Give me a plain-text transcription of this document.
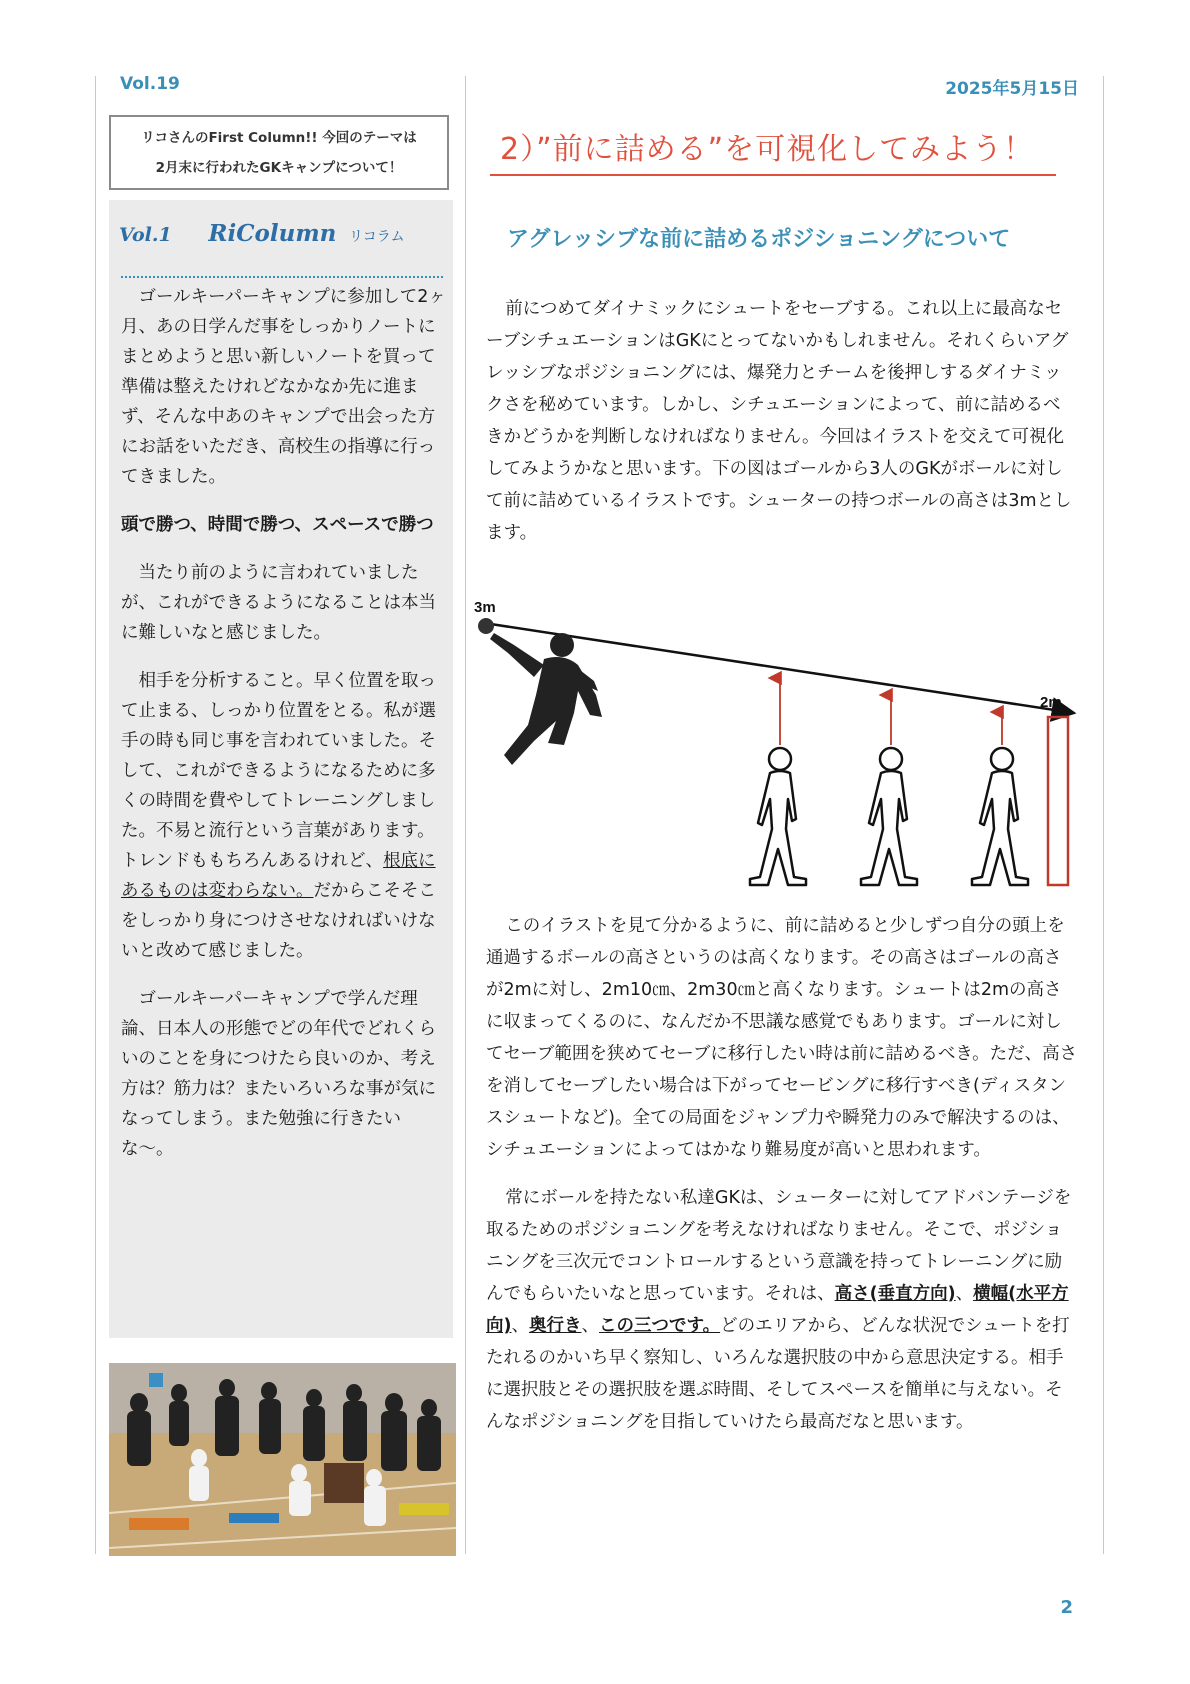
Vol.19	2025年5月15日
リコさんのFirst Column!! 今回のテーマは
2月末に行われたGKキャンプについて！
Vol.1 RiColumn リコラム

ゴールキーパーキャンプに参加して2ヶ月、あの日学んだ事をしっかりノートにまとめようと思い新しいノートを買って準備は整えたけれどなかなか先に進まず、そんな中あのキャンプで出会った方にお話をいただき、高校生の指導に行ってきました。

頭で勝つ、時間で勝つ、スペースで勝つ

当たり前のように言われていましたが、これができるようになることは本当に難しいなと感じました。

相手を分析すること。早く位置を取って止まる、しっかり位置をとる。私が選手の時も同じ事を言われていました。そして、これができるようになるために多くの時間を費やしてトレーニングしました。不易と流行という言葉があります。トレンドももちろんあるけれど、根底にあるものは変わらない。だからこそそこをしっかり身につけさせなければいけないと改めて感じました。

ゴールキーパーキャンプで学んだ理論、日本人の形態でどの年代でどれくらいのことを身につけたら良いのか、考え方は？筋力は？またいろいろな事が気になってしまう。また勉強に行きたいな〜。

2）”前に詰める”を可視化してみよう！
アグレッシブな前に詰めるポジショニングについて

前につめてダイナミックにシュートをセーブする。これ以上に最高なセーブシチュエーションはGKにとってないかもしれません。それくらいアグレッシブなポジショニングには、爆発力とチームを後押しするダイナミックさを秘めています。しかし、シチュエーションによって、前に詰めるべきかどうかを判断しなければなりません。今回はイラストを交えて可視化してみようかなと思います。下の図はゴールから3人のGKがボールに対して前に詰めているイラストです。シューターの持つボールの高さは3mとします。

3m
2m

このイラストを見て分かるように、前に詰めると少しずつ自分の頭上を通過するボールの高さというのは高くなります。その高さはゴールの高さが2mに対し、2m10㎝、2m30㎝と高くなります。シュートは2mの高さに収まってくるのに、なんだか不思議な感覚でもあります。ゴールに対してセーブ範囲を狭めてセーブに移行したい時は前に詰めるべき。ただ、高さを消してセーブしたい場合は下がってセービングに移行すべき(ディスタンスシュートなど)。全ての局面をジャンプ力や瞬発力のみで解決するのは、シチュエーションによってはかなり難易度が高いと思われます。

常にボールを持たない私達GKは、シューターに対してアドバンテージを取るためのポジショニングを考えなければなりません。そこで、ポジショニングを三次元でコントロールするという意識を持ってトレーニングに励んでもらいたいなと思っています。それは、高さ(垂直方向)、横幅(水平方向)、奥行き、この三つです。どのエリアから、どんな状況でシュートを打たれるのかいち早く察知し、いろんな選択肢の中から意思決定する。相手に選択肢とその選択肢を選ぶ時間、そしてスペースを簡単に与えない。そんなポジショニングを目指していけたら最高だなと思います。

2
